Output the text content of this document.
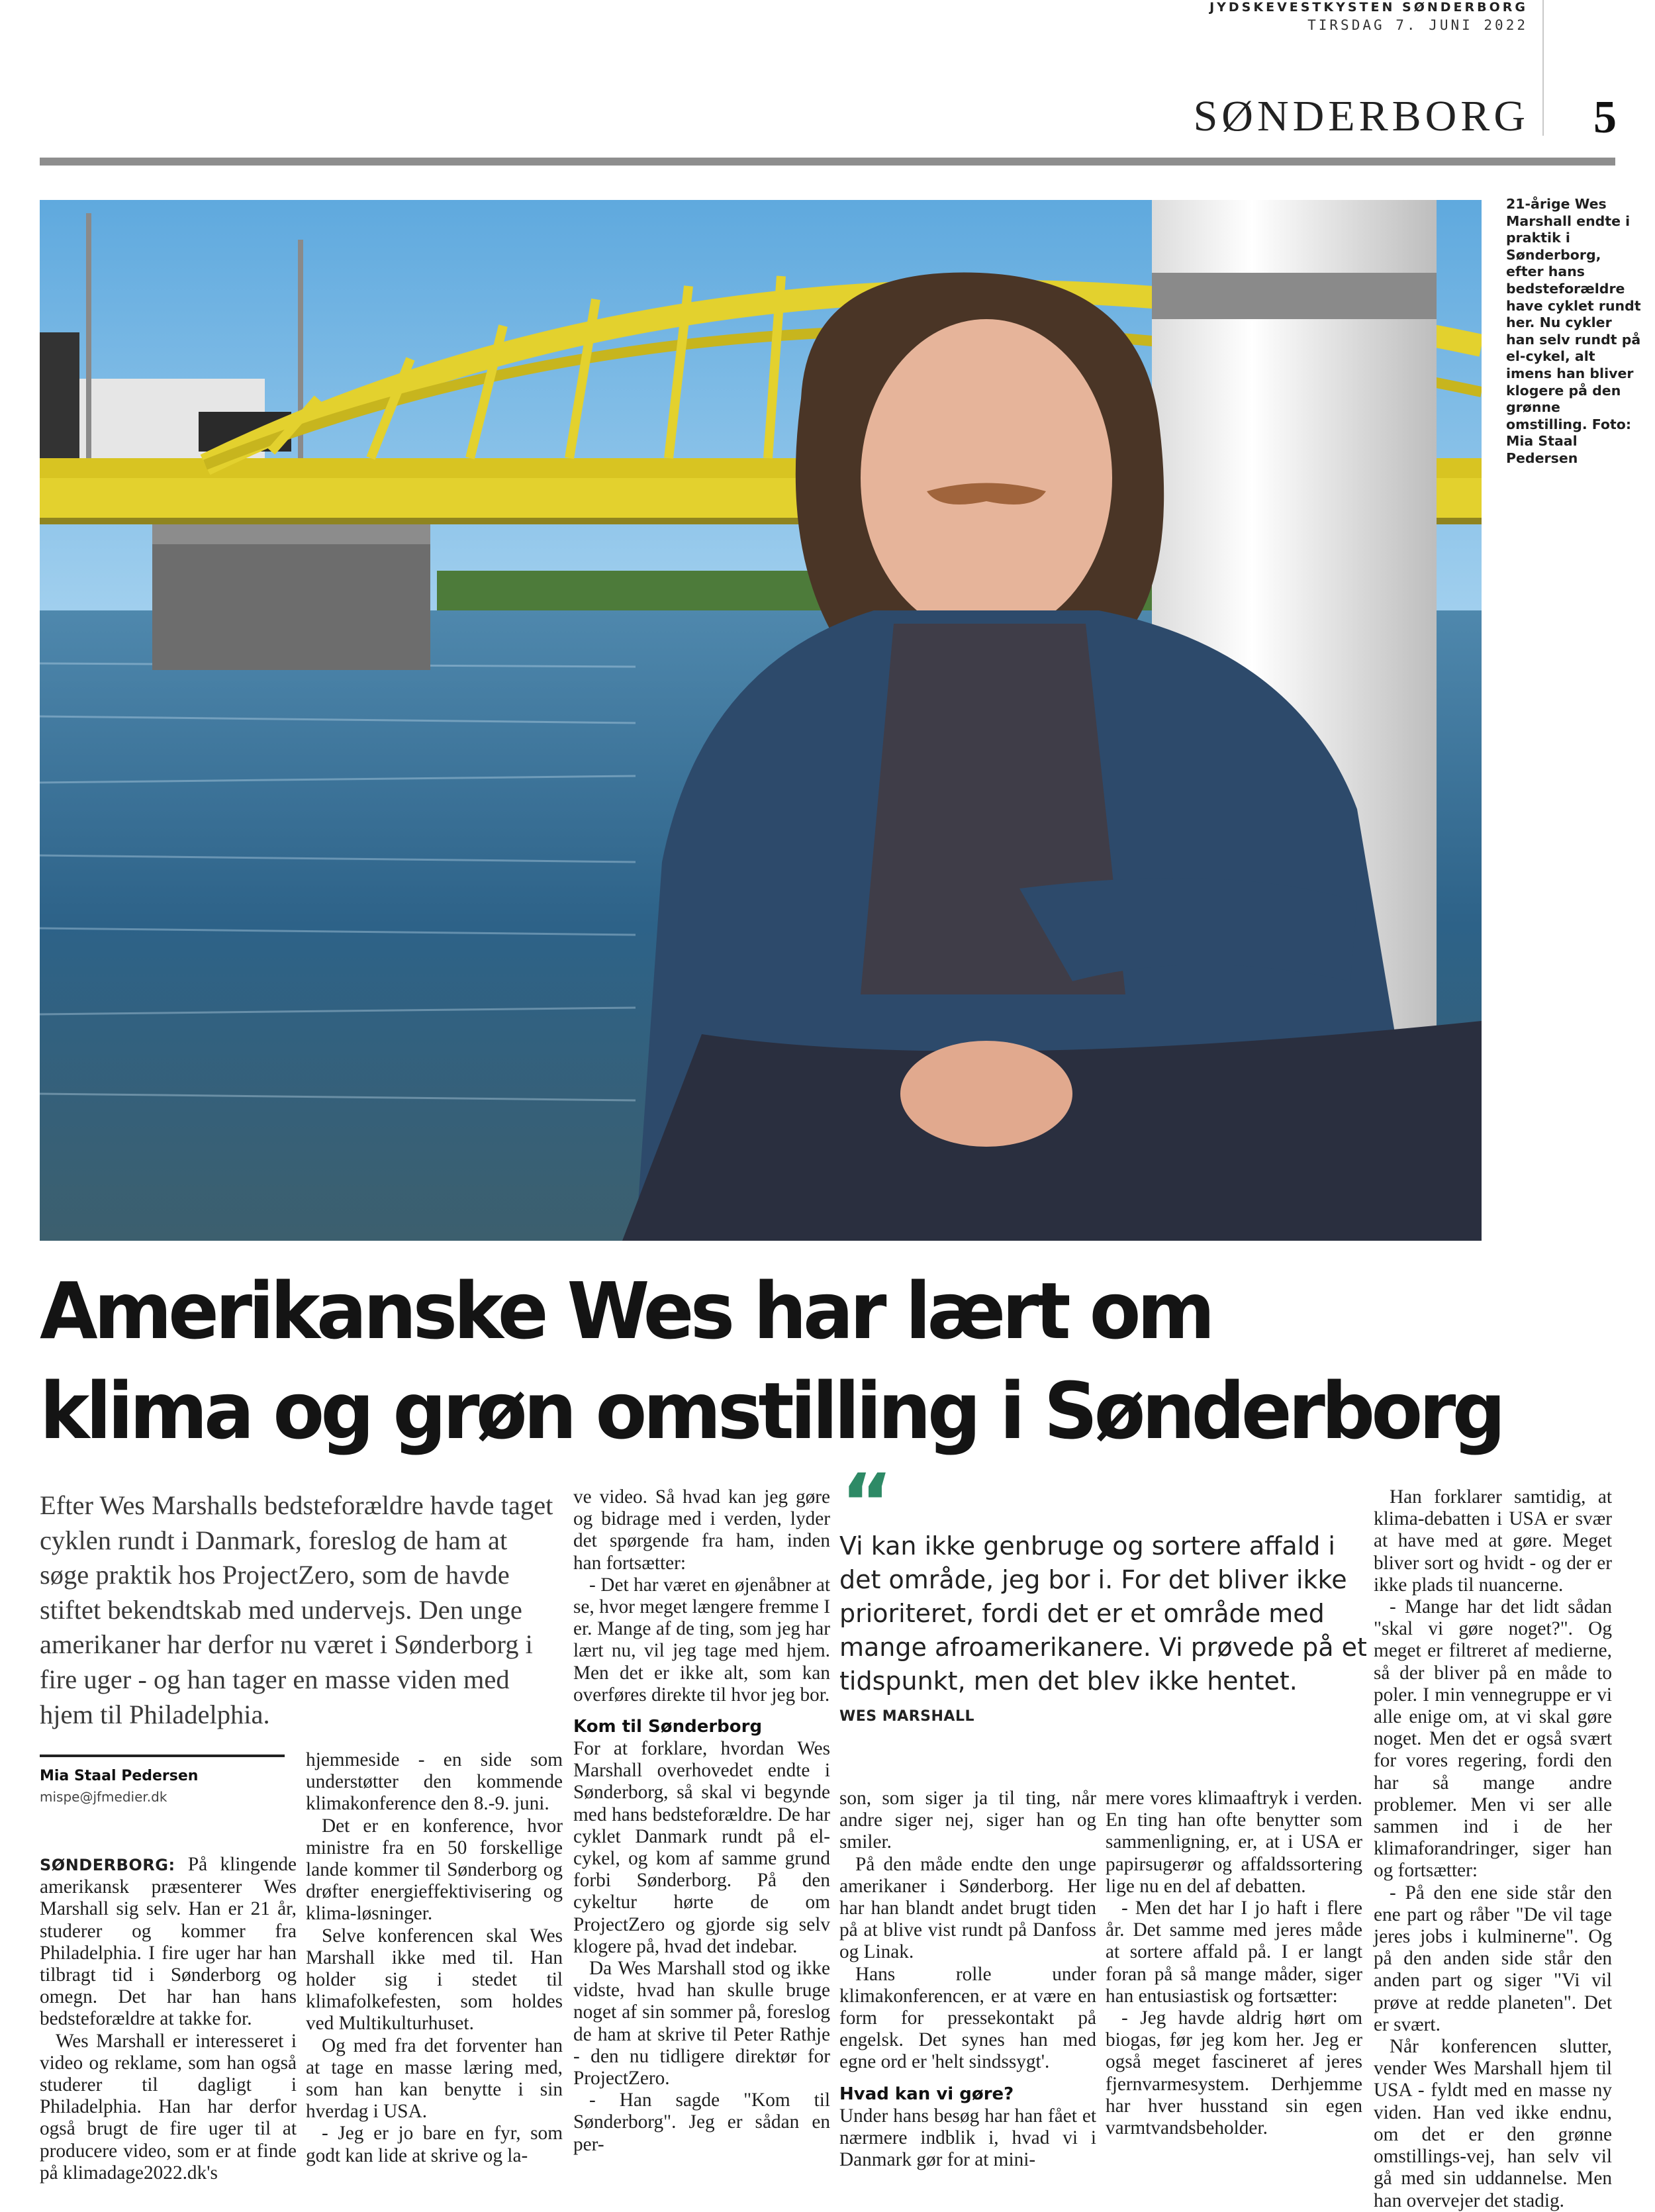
JYDSKEVESTKYSTEN SØNDERBORG
TIRSDAG 7. JUNI 2022
SØNDERBORG 5
21-årige Wes Marshall endte i praktik i Sønderborg, efter hans bedsteforældre have cyklet rundt her. Nu cykler han selv rundt på el-cykel, alt imens han bliver klogere på den grønne omstilling. Foto: Mia Staal Pedersen
Amerikanske Wes har lært om
klima og grøn omstilling i Sønderborg

Efter Wes Marshalls bedsteforældre havde taget cyklen rundt i Danmark, foreslog de ham at søge praktik hos ProjectZero, som de havde stiftet bekendtskab med undervejs. Den unge amerikaner har derfor nu været i Sønderborg i fire uger - og han tager en masse viden med hjem til Philadelphia.

Mia Staal Pedersen
mispe@jfmedier.dk

SØNDERBORG: På klingende amerikansk præsenterer Wes Marshall sig selv. Han er 21 år, studerer og kommer fra Philadelphia. I fire uger har han tilbragt tid i Sønderborg og omegn. Det har han hans bedsteforældre at takke for.

Wes Marshall er interesseret i video og reklame, som han også studerer til dagligt i Philadelphia. Han har derfor også brugt de fire uger til at producere video, som er at finde på klimadage2022.dk's

hjemmeside - en side som understøtter den kommende klimakonference den 8.-9. juni.

Det er en konference, hvor ministre fra en 50 forskellige lande kommer til Sønderborg og drøfter energieffektivisering og klima-løsninger.

Selve konferencen skal Wes Marshall ikke med til. Han holder sig i stedet til klimafolkefesten, som holdes ved Multikulturhuset.

Og med fra det forventer han at tage en masse læring med, som han kan benytte i sin hverdag i USA.

- Jeg er jo bare en fyr, som godt kan lide at skrive og la-

ve video. Så hvad kan jeg gøre og bidrage med i verden, lyder det spørgende fra ham, inden han fortsætter:

- Det har været en øjenåbner at se, hvor meget længere fremme I er. Mange af de ting, som jeg har lært nu, vil jeg tage med hjem. Men det er ikke alt, som kan overføres direkte til hvor jeg bor.

Kom til Sønderborg

For at forklare, hvordan Wes Marshall overhovedet endte i Sønderborg, så skal vi begynde med hans bedsteforældre. De har cyklet Danmark rundt på el-cykel, og kom af samme grund forbi Sønderborg. På den cykeltur hørte de om ProjectZero og gjorde sig selv klogere på, hvad det indebar.

Da Wes Marshall stod og ikke vidste, hvad han skulle bruge noget af sin sommer på, foreslog de ham at skrive til Peter Rathje - den nu tidligere direktør for ProjectZero.

- Han sagde "Kom til Sønderborg". Jeg er sådan en per-

“

Vi kan ikke genbruge og sortere affald i det område, jeg bor i. For det bliver ikke prioriteret, fordi det er et område med mange afroamerikanere. Vi prøvede på et tidspunkt, men det blev ikke hentet.

WES MARSHALL

son, som siger ja til ting, når andre siger nej, siger han og smiler.

På den måde endte den unge amerikaner i Sønderborg. Her har han blandt andet brugt tiden på at blive vist rundt på Danfoss og Linak.

Hans rolle under klimakonferencen, er at være en form for pressekontakt på engelsk. Det synes han med egne ord er 'helt sindssygt'.

Hvad kan vi gøre?

Under hans besøg har han fået et nærmere indblik i, hvad vi i Danmark gør for at mini-

mere vores klimaaftryk i verden. En ting han ofte benytter som sammenligning, er, at i USA er papirsugerør og affaldssortering lige nu en del af debatten.

- Men det har I jo haft i flere år. Det samme med jeres måde at sortere affald på. I er langt foran på så mange måder, siger han entusiastisk og fortsætter:

- Jeg havde aldrig hørt om biogas, før jeg kom her. Jeg er også meget fascineret af jeres fjernvarmesystem. Derhjemme har hver husstand sin egen varmtvandsbeholder.

Han forklarer samtidig, at klima-debatten i USA er svær at have med at gøre. Meget bliver sort og hvidt - og der er ikke plads til nuancerne.

- Mange har det lidt sådan "skal vi gøre noget?". Og meget er filtreret af medierne, så der bliver på en måde to poler. I min vennegruppe er vi alle enige om, at vi skal gøre noget. Men det er også svært for vores regering, fordi den har så mange andre problemer. Men vi ser alle sammen ind i de her klimaforandringer, siger han og fortsætter:

- På den ene side står den ene part og råber "De vil tage jeres jobs i kulminerne". Og på den anden side står den anden part og siger "Vi vil prøve at redde planeten". Det er svært.

Når konferencen slutter, vender Wes Marshall hjem til USA - fyldt med en masse ny viden. Han ved ikke endnu, om det er den grønne omstillings-vej, han selv vil gå med sin uddannelse. Men han overvejer det stadig.
